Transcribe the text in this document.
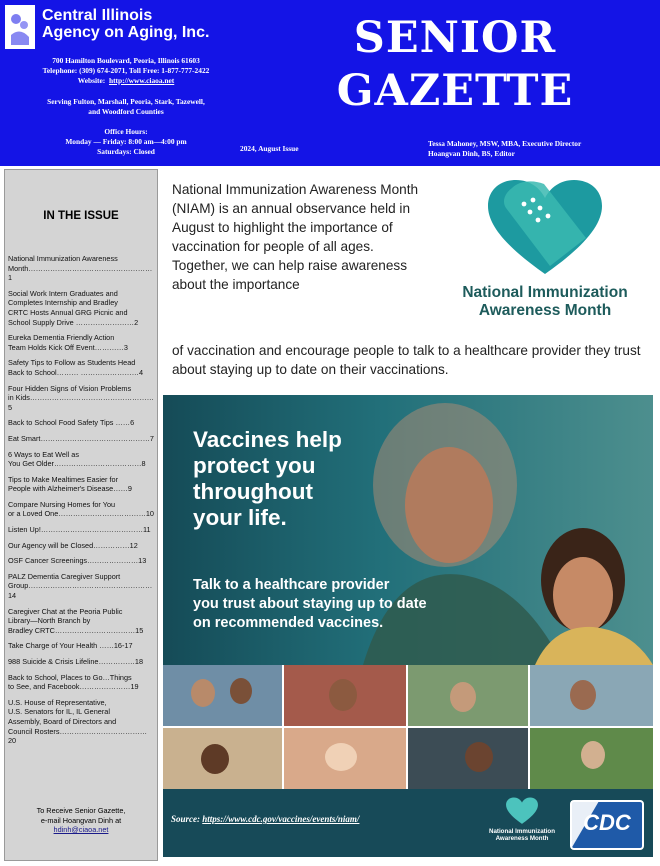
Central Illinois
Agency on Aging, Inc.
700 Hamilton Boulevard, Peoria, Illinois 61603
Telephone: (309) 674-2071, Toll Free: 1-877-777-2422
Website: http://www.ciaoa.net
Serving Fulton, Marshall, Peoria, Stark, Tazewell,
and Woodford Counties
Office Hours:
Monday — Friday: 8:00 am—4:00 pm
Saturdays: Closed
SENIOR
GAZETTE
2024, August Issue
Tessa Mahoney, MSW, MBA, Executive Director
Hoangvan Dinh, BS, Editor
IN THE ISSUE
National Immunization Awareness
Month……………………………………………1
Social Work Intern Graduates and
Completes Internship and Bradley
CRTC Hosts Annual GRG Picnic and
School Supply Drive ……………………2
Eureka Dementia Friendly Action
Team Holds Kick Off Event…………3
Safety Tips to Follow as Students Head
Back to School……… ……………………4
Four Hidden Signs of Vision Problems
in Kids……………………………………………5
Back to School Food Safety Tips ……6
Eat Smart………………………………………7
6 Ways to Eat Well as
You Get Older………………………………8
Tips to Make Mealtimes Easier for
People with Alzheimer's Disease……9
Compare Nursing Homes for You
or a Loved One………………………………10
Listen Up!……………………………………11
Our Agency will be Closed……………12
OSF Cancer Screenings…………………13
PALZ Dementia Caregiver Support
Group……………………………………………14
Caregiver Chat at the Peoria Public
Library—North Branch by
Bradley CRTC……………………………15
Take Charge of Your Health ……16-17
988 Suicide & Crisis Lifeline……………18
Back to School, Places to Go…Things
to See, and Facebook…………………19
U.S. House of Representative,
U.S. Senators for IL, IL General
Assembly, Board of Directors and
Council Rosters………………………………20
To Receive Senior Gazette,
e-mail Hoangvan Dinh at
hdinh@ciaoa.net
National Immunization Awareness Month (NIAM) is an annual observance held in August to highlight the importance of vaccination for people of all ages. Together, we can help raise awareness about the importance
of vaccination and encourage people to talk to a healthcare provider they trust about staying up to date on their vaccinations.
National Immunization
Awareness Month
Vaccines help
protect you
throughout
your life.
Talk to a healthcare provider
you trust about staying up to date
on recommended vaccines.
Source: https://www.cdc.gov/vaccines/events/niam/
National Immunization
Awareness Month
CDC
